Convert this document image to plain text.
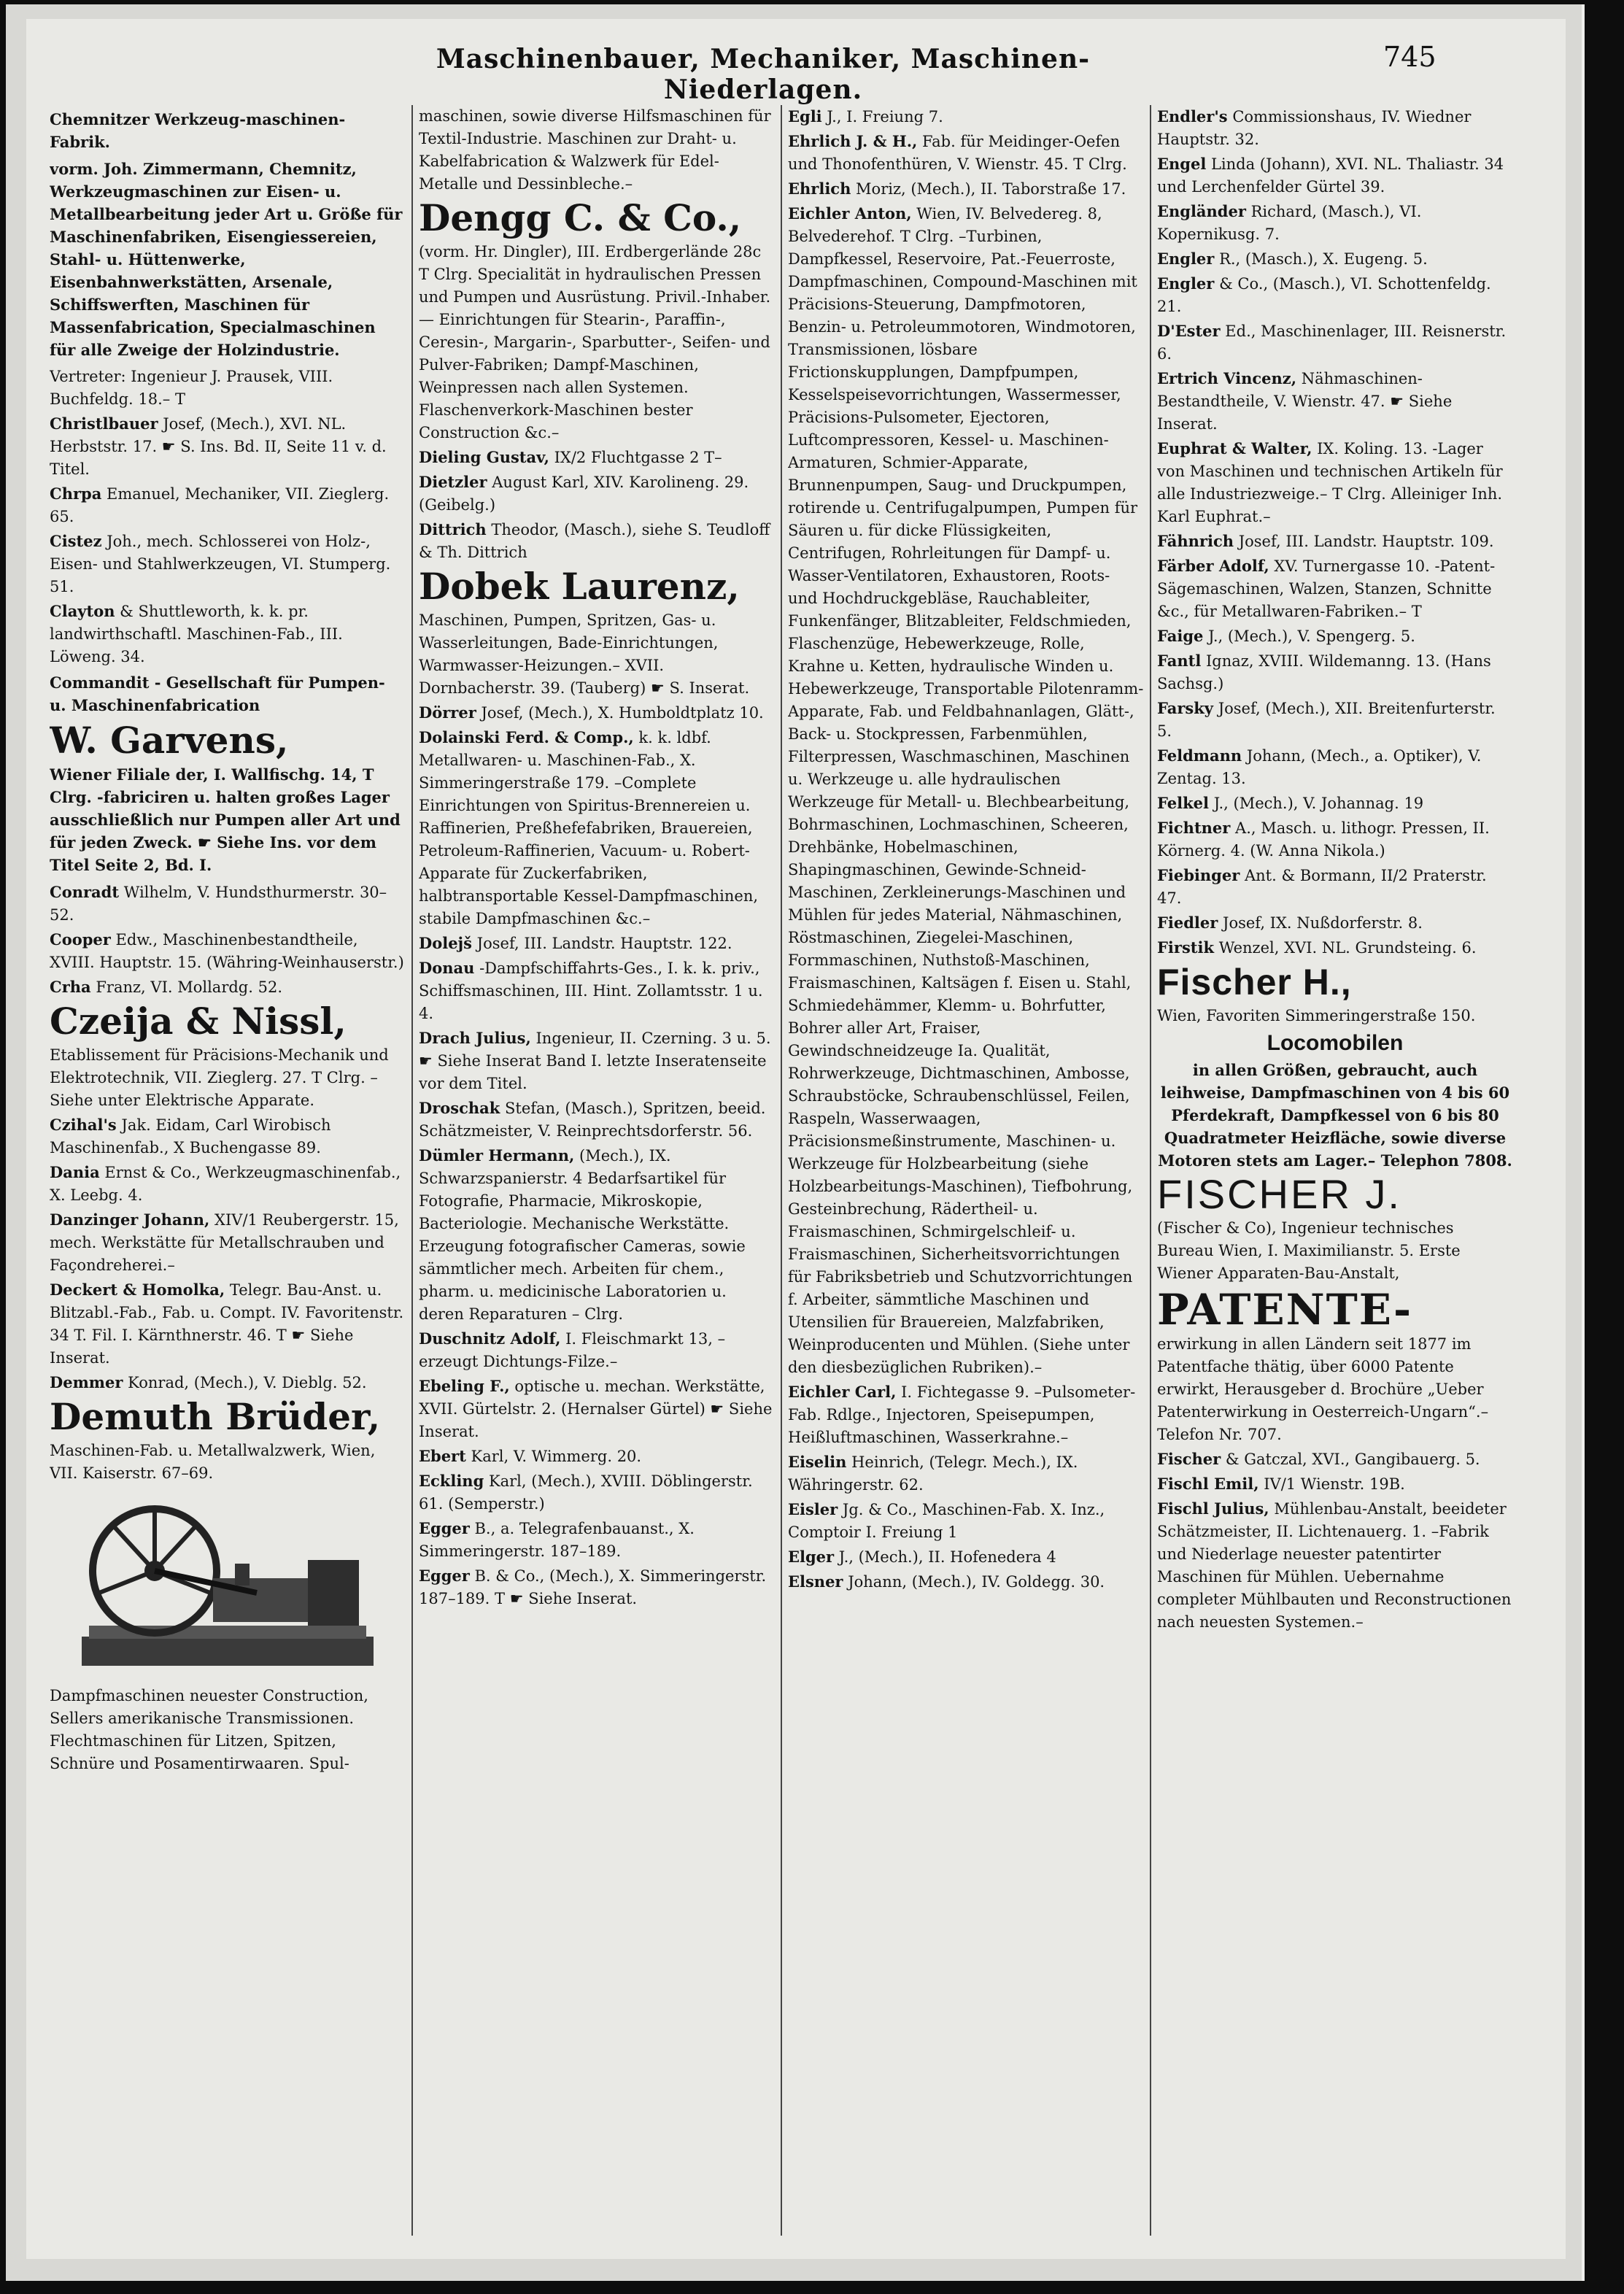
Maschinenbauer, Mechaniker, Maschinen-Niederlagen.
745
Chemnitzer Werkzeug-maschinen-Fabrik.
vorm. Joh. Zimmermann, Chemnitz, Werkzeugmaschinen zur Eisen- u. Metallbearbeitung jeder Art u. Größe für Maschinenfabriken, Eisengiessereien, Stahl- u. Hüttenwerke, Eisenbahnwerkstätten, Arsenale, Schiffswerften, Maschinen für Massenfabrication, Specialmaschinen für alle Zweige der Holzindustrie.
Vertreter: Ingenieur J. Prausek, VIII. Buchfeldg. 18.– T
Christlbauer Josef, (Mech.), XVI. NL. Herbststr. 17. ☛ S. Ins. Bd. II, Seite 11 v. d. Titel.
Chrpa Emanuel, Mechaniker, VII. Zieglerg. 65.
Cistez Joh., mech. Schlosserei von Holz-, Eisen- und Stahlwerkzeugen, VI. Stumperg. 51.
Clayton & Shuttleworth, k. k. pr. landwirthschaftl. Maschinen-Fab., III. Löweng. 34.
Commandit - Gesellschaft für Pumpen- u. Maschinenfabrication
W. Garvens,
Wiener Filiale der, I. Wallfischg. 14, T Clrg. -fabriciren u. halten großes Lager ausschließlich nur Pumpen aller Art und für jeden Zweck. ☛ Siehe Ins. vor dem Titel Seite 2, Bd. I.
Conradt Wilhelm, V. Hundsthurmerstr. 30–52.
Cooper Edw., Maschinenbestandtheile, XVIII. Hauptstr. 15. (Währing-Weinhauserstr.)
Crha Franz, VI. Mollardg. 52.
Czeija & Nissl,
Etablissement für Präcisions-Mechanik und Elektrotechnik, VII. Zieglerg. 27. T Clrg. –Siehe unter Elektrische Apparate.
Czihal's Jak. Eidam, Carl Wirobisch Maschinenfab., X Buchengasse 89.
Dania Ernst & Co., Werkzeugmaschinenfab., X. Leebg. 4.
Danzinger Johann, XIV/1 Reubergerstr. 15, mech. Werkstätte für Metallschrauben und Façondreherei.–
Deckert & Homolka, Telegr. Bau-Anst. u. Blitzabl.-Fab., Fab. u. Compt. IV. Favoritenstr. 34 T. Fil. I. Kärnthnerstr. 46. T ☛ Siehe Inserat.
Demmer Konrad, (Mech.), V. Dieblg. 52.
Demuth Brüder,
Maschinen-Fab. u. Metallwalzwerk, Wien, VII. Kaiserstr. 67–69.
Dampfmaschinen neuester Construction, Sellers amerikanische Transmissionen. Flechtmaschinen für Litzen, Spitzen, Schnüre und Posamentirwaaren. Spul-
maschinen, sowie diverse Hilfsmaschinen für Textil-Industrie. Maschinen zur Draht- u. Kabelfabrication & Walzwerk für Edel-Metalle und Dessinbleche.–
Dengg C. & Co.,
(vorm. Hr. Dingler), III. Erdbergerlände 28c T Clrg. Specialität in hydraulischen Pressen und Pumpen und Ausrüstung. Privil.-Inhaber. — Einrichtungen für Stearin-, Paraffin-, Ceresin-, Margarin-, Sparbutter-, Seifen- und Pulver-Fabriken; Dampf-Maschinen, Weinpressen nach allen Systemen. Flaschenverkork-Maschinen bester Construction &c.–
Dieling Gustav, IX/2 Fluchtgasse 2 T–
Dietzler August Karl, XIV. Karolineng. 29. (Geibelg.)
Dittrich Theodor, (Masch.), siehe S. Teudloff & Th. Dittrich
Dobek Laurenz,
Maschinen, Pumpen, Spritzen, Gas- u. Wasserleitungen, Bade-Einrichtungen, Warmwasser-Heizungen.– XVII. Dornbacherstr. 39. (Tauberg) ☛ S. Inserat.
Dörrer Josef, (Mech.), X. Humboldtplatz 10.
Dolainski Ferd. & Comp., k. k. ldbf. Metallwaren- u. Maschinen-Fab., X. Simmeringerstraße 179. –Complete Einrichtungen von Spiritus-Brennereien u. Raffinerien, Preßhefefabriken, Brauereien, Petroleum-Raffinerien, Vacuum- u. Robert-Apparate für Zuckerfabriken, halbtransportable Kessel-Dampfmaschinen, stabile Dampfmaschinen &c.–
Dolejš Josef, III. Landstr. Hauptstr. 122.
Donau -Dampfschiffahrts-Ges., I. k. k. priv., Schiffsmaschinen, III. Hint. Zollamtsstr. 1 u. 4.
Drach Julius, Ingenieur, II. Czerning. 3 u. 5. ☛ Siehe Inserat Band I. letzte Inseratenseite vor dem Titel.
Droschak Stefan, (Masch.), Spritzen, beeid. Schätzmeister, V. Reinprechtsdorferstr. 56.
Dümler Hermann, (Mech.), IX. Schwarzspanierstr. 4 Bedarfsartikel für Fotografie, Pharmacie, Mikroskopie, Bacteriologie. Mechanische Werkstätte. Erzeugung fotografischer Cameras, sowie sämmtlicher mech. Arbeiten für chem., pharm. u. medicinische Laboratorien u. deren Reparaturen – Clrg.
Duschnitz Adolf, I. Fleischmarkt 13, –erzeugt Dichtungs-Filze.–
Ebeling F., optische u. mechan. Werkstätte, XVII. Gürtelstr. 2. (Hernalser Gürtel) ☛ Siehe Inserat.
Ebert Karl, V. Wimmerg. 20.
Eckling Karl, (Mech.), XVIII. Döblingerstr. 61. (Semperstr.)
Egger B., a. Telegrafenbauanst., X. Simmeringerstr. 187–189.
Egger B. & Co., (Mech.), X. Simmeringerstr. 187–189. T ☛ Siehe Inserat.
Egli J., I. Freiung 7.
Ehrlich J. & H., Fab. für Meidinger-Oefen und Thonofenthüren, V. Wienstr. 45. T Clrg.
Ehrlich Moriz, (Mech.), II. Taborstraße 17.
Eichler Anton, Wien, IV. Belvedereg. 8, Belvederehof. T Clrg. –Turbinen, Dampfkessel, Reservoire, Pat.-Feuerroste, Dampfmaschinen, Compound-Maschinen mit Präcisions-Steuerung, Dampfmotoren, Benzin- u. Petroleummotoren, Windmotoren, Transmissionen, lösbare Frictionskupplungen, Dampfpumpen, Kesselspeisevorrichtungen, Wassermesser, Präcisions-Pulsometer, Ejectoren, Luftcompressoren, Kessel- u. Maschinen-Armaturen, Schmier-Apparate, Brunnenpumpen, Saug- und Druckpumpen, rotirende u. Centrifugalpumpen, Pumpen für Säuren u. für dicke Flüssigkeiten, Centrifugen, Rohrleitungen für Dampf- u. Wasser-Ventilatoren, Exhaustoren, Roots- und Hochdruckgebläse, Rauchableiter, Funkenfänger, Blitzableiter, Feldschmieden, Flaschenzüge, Hebewerkzeuge, Rolle, Krahne u. Ketten, hydraulische Winden u. Hebewerkzeuge, Transportable Pilotenramm-Apparate, Fab. und Feldbahnanlagen, Glätt-, Back- u. Stockpressen, Farbenmühlen, Filterpressen, Waschmaschinen, Maschinen u. Werkzeuge u. alle hydraulischen Werkzeuge für Metall- u. Blechbearbeitung, Bohrmaschinen, Lochmaschinen, Scheeren, Drehbänke, Hobelmaschinen, Shapingmaschinen, Gewinde-Schneid-Maschinen, Zerkleinerungs-Maschinen und Mühlen für jedes Material, Nähmaschinen, Röstmaschinen, Ziegelei-Maschinen, Formmaschinen, Nuthstoß-Maschinen, Fraismaschinen, Kaltsägen f. Eisen u. Stahl, Schmiedehämmer, Klemm- u. Bohrfutter, Bohrer aller Art, Fraiser, Gewindschneidzeuge Ia. Qualität, Rohrwerkzeuge, Dichtmaschinen, Ambosse, Schraubstöcke, Schraubenschlüssel, Feilen, Raspeln, Wasserwaagen, Präcisionsmeßinstrumente, Maschinen- u. Werkzeuge für Holzbearbeitung (siehe Holzbearbeitungs-Maschinen), Tiefbohrung, Gesteinbrechung, Rädertheil- u. Fraismaschinen, Schmirgelschleif- u. Fraismaschinen, Sicherheitsvorrichtungen für Fabriksbetrieb und Schutzvorrichtungen f. Arbeiter, sämmtliche Maschinen und Utensilien für Brauereien, Malzfabriken, Weinproducenten und Mühlen. (Siehe unter den diesbezüglichen Rubriken).–
Eichler Carl, I. Fichtegasse 9. –Pulsometer-Fab. Rdlge., Injectoren, Speisepumpen, Heißluftmaschinen, Wasserkrahne.–
Eiselin Heinrich, (Telegr. Mech.), IX. Währingerstr. 62.
Eisler Jg. & Co., Maschinen-Fab. X. Inz., Comptoir I. Freiung 1
Elger J., (Mech.), II. Hofenedera 4
Elsner Johann, (Mech.), IV. Goldegg. 30.
Endler's Commissionshaus, IV. Wiedner Hauptstr. 32.
Engel Linda (Johann), XVI. NL. Thaliastr. 34 und Lerchenfelder Gürtel 39.
Engländer Richard, (Masch.), VI. Kopernikusg. 7.
Engler R., (Masch.), X. Eugeng. 5.
Engler & Co., (Masch.), VI. Schottenfeldg. 21.
D'Ester Ed., Maschinenlager, III. Reisnerstr. 6.
Ertrich Vincenz, Nähmaschinen-Bestandtheile, V. Wienstr. 47. ☛ Siehe Inserat.
Euphrat & Walter, IX. Koling. 13. -Lager von Maschinen und technischen Artikeln für alle Industriezweige.– T Clrg. Alleiniger Inh. Karl Euphrat.–
Fähnrich Josef, III. Landstr. Hauptstr. 109.
Färber Adolf, XV. Turnergasse 10. -Patent-Sägemaschinen, Walzen, Stanzen, Schnitte &c., für Metallwaren-Fabriken.– T
Faige J., (Mech.), V. Spengerg. 5.
Fantl Ignaz, XVIII. Wildemanng. 13. (Hans Sachsg.)
Farsky Josef, (Mech.), XII. Breitenfurterstr. 5.
Feldmann Johann, (Mech., a. Optiker), V. Zentag. 13.
Felkel J., (Mech.), V. Johannag. 19
Fichtner A., Masch. u. lithogr. Pressen, II. Körnerg. 4. (W. Anna Nikola.)
Fiebinger Ant. & Bormann, II/2 Praterstr. 47.
Fiedler Josef, IX. Nußdorferstr. 8.
Firstik Wenzel, XVI. NL. Grundsteing. 6.
Fischer H.,
Wien, Favoriten Simmeringerstraße 150.
Locomobilen
in allen Größen, gebraucht, auch leihweise, Dampfmaschinen von 4 bis 60 Pferdekraft, Dampfkessel von 6 bis 80 Quadratmeter Heizfläche, sowie diverse Motoren stets am Lager.– Telephon 7808.
FISCHER J.
(Fischer & Co), Ingenieur technisches Bureau Wien, I. Maximilianstr. 5. Erste Wiener Apparaten-Bau-Anstalt,
PATENTE-
erwirkung in allen Ländern seit 1877 im Patentfache thätig, über 6000 Patente erwirkt, Herausgeber d. Brochüre „Ueber Patenterwirkung in Oesterreich-Ungarn“.– Telefon Nr. 707.
Fischer & Gatczal, XVI., Gangibauerg. 5.
Fischl Emil, IV/1 Wienstr. 19B.
Fischl Julius, Mühlenbau-Anstalt, beeideter Schätzmeister, II. Lichtenauerg. 1. –Fabrik und Niederlage neuester patentirter Maschinen für Mühlen. Uebernahme completer Mühlbauten und Reconstructionen nach neuesten Systemen.–
